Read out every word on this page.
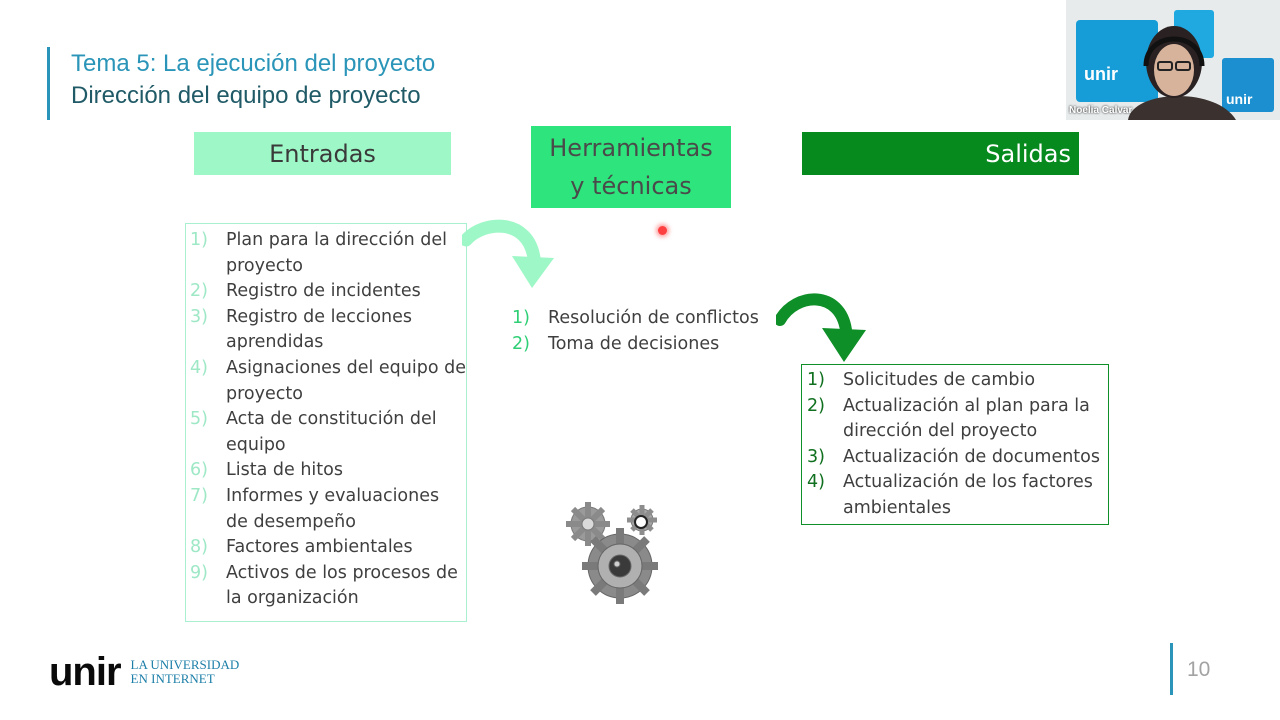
Tema 5: La ejecución del proyecto
Dirección del equipo de proyecto
Entradas	Herramientas
y técnicas
Salidas
1)	Plan para la dirección del proyecto
2)	Registro de incidentes
3)	Registro de lecciones aprendidas
4)	Asignaciones del equipo de proyecto
5)	Acta de constitución del equipo
6)	Lista de hitos
7)	Informes y evaluaciones de desempeño
8)	Factores ambientales
9)	Activos de los procesos de la organización
1)	Resolución de conflictos
2)	Toma de decisiones
1)	Solicitudes de cambio
2)	Actualización al plan para la dirección del proyecto
3)	Actualización de documentos
4)	Actualización de los factores ambientales
unir
unir
Noelia Calvar
unir LA UNIVERSIDAD
EN INTERNET	10
